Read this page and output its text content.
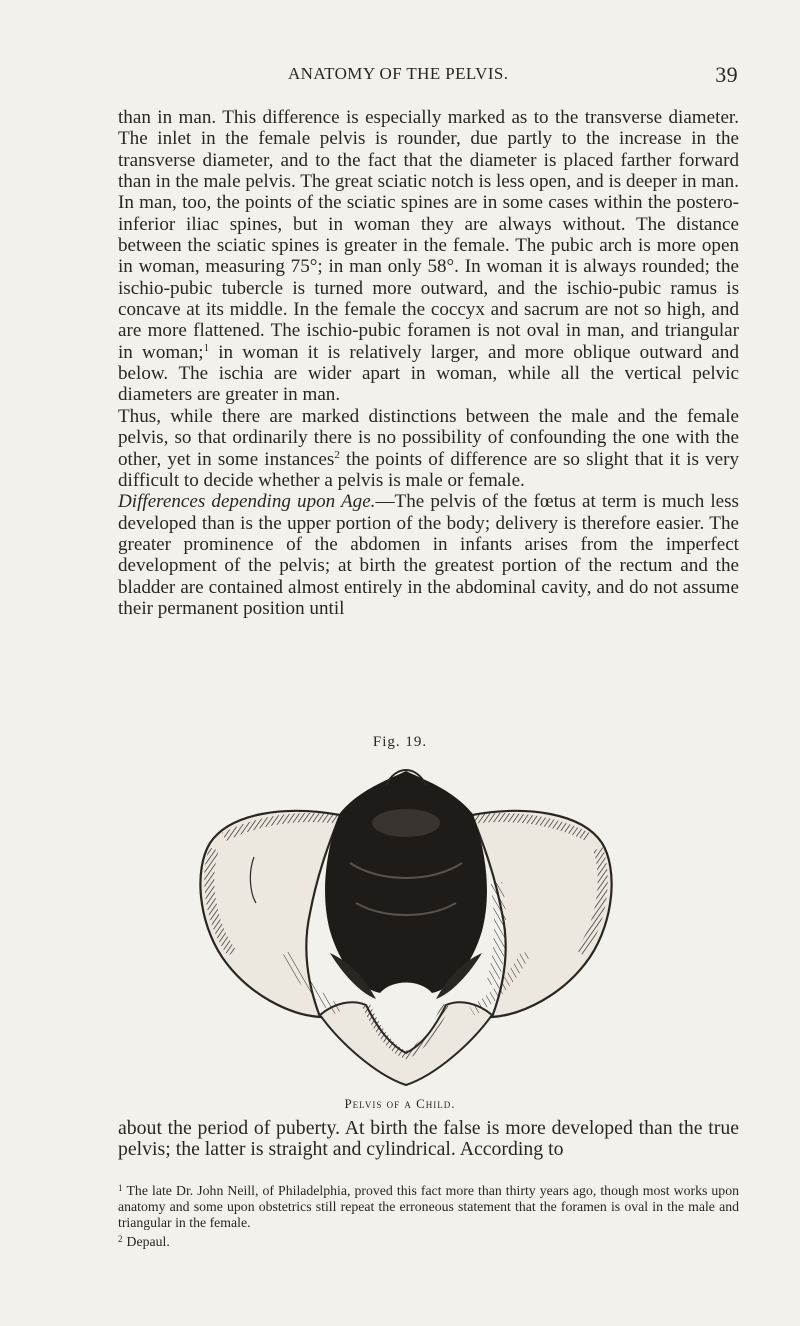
ANATOMY OF THE PELVIS.	39

than in man. This difference is especially marked as to the transverse diameter. The inlet in the female pelvis is rounder, due partly to the increase in the transverse diameter, and to the fact that the diameter is placed farther forward than in the male pelvis. The great sciatic notch is less open, and is deeper in man. In man, too, the points of the sciatic spines are in some cases within the postero-inferior iliac spines, but in woman they are always without. The distance between the sciatic spines is greater in the female. The pubic arch is more open in woman, measuring 75°; in man only 58°. In woman it is always rounded; the ischio-pubic tubercle is turned more outward, and the ischio-pubic ramus is concave at its middle. In the female the coccyx and sacrum are not so high, and are more flattened. The ischio-pubic foramen is not oval in man, and triangular in woman;$^1$ in woman it is relatively larger, and more oblique outward and below. The ischia are wider apart in woman, while all the vertical pelvic diameters are greater in man.

Thus, while there are marked distinctions between the male and the female pelvis, so that ordinarily there is no possibility of confounding the one with the other, yet in some instances$^2$ the points of difference are so slight that it is very difficult to decide whether a pelvis is male or female.

Differences depending upon Age.—The pelvis of the fœtus at term is much less developed than is the upper portion of the body; delivery is therefore easier. The greater prominence of the abdomen in infants arises from the imperfect development of the pelvis; at birth the greatest portion of the rectum and the bladder are contained almost entirely in the abdominal cavity, and do not assume their permanent position until

Fig. 19.
Pelvis of a Child.
about the period of puberty. At birth the false is more developed than the true pelvis; the latter is straight and cylindrical. According to

$^1$ The late Dr. John Neill, of Philadelphia, proved this fact more than thirty years ago, though most works upon anatomy and some upon obstetrics still repeat the erroneous statement that the foramen is oval in the male and triangular in the female.

$^2$ Depaul.
